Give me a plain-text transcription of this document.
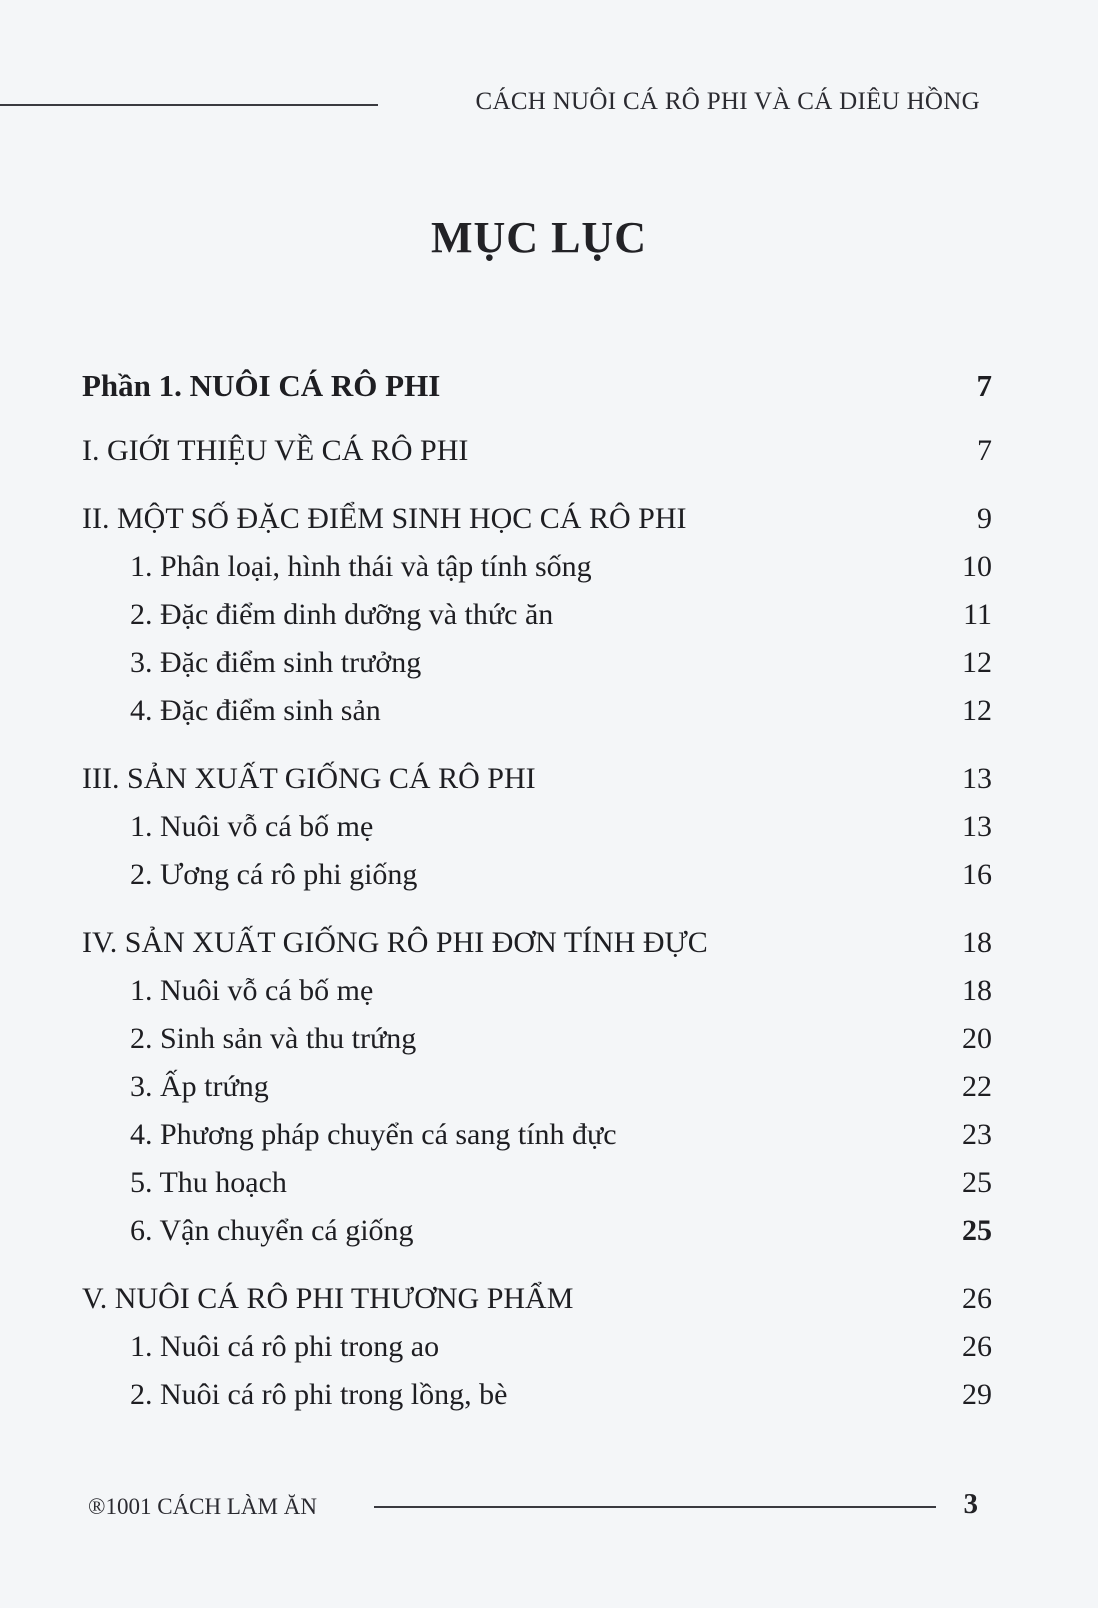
CÁCH NUÔI CÁ RÔ PHI VÀ CÁ DIÊU HỒNG
MỤC LỤC
Phần 1. NUÔI CÁ RÔ PHI	7
I. GIỚI THIỆU VỀ CÁ RÔ PHI	7
II. MỘT SỐ ĐẶC ĐIỂM SINH HỌC CÁ RÔ PHI	9
1. Phân loại, hình thái và tập tính sống	10
2. Đặc điểm dinh dưỡng và thức ăn	11
3. Đặc điểm sinh trưởng	12
4. Đặc điểm sinh sản	12
III. SẢN XUẤT GIỐNG CÁ RÔ PHI	13
1. Nuôi vỗ cá bố mẹ	13
2. Ương cá rô phi giống	16
IV. SẢN XUẤT GIỐNG RÔ PHI ĐƠN TÍNH ĐỰC	18
1. Nuôi vỗ cá bố mẹ	18
2. Sinh sản và thu trứng	20
3. Ấp trứng	22
4. Phương pháp chuyển cá sang tính đực	23
5. Thu hoạch	25
6. Vận chuyển cá giống	25
V. NUÔI CÁ RÔ PHI THƯƠNG PHẨM	26
1. Nuôi cá rô phi trong ao	26
2. Nuôi cá rô phi trong lồng, bè	29
®1001 CÁCH LÀM ĂN	3
